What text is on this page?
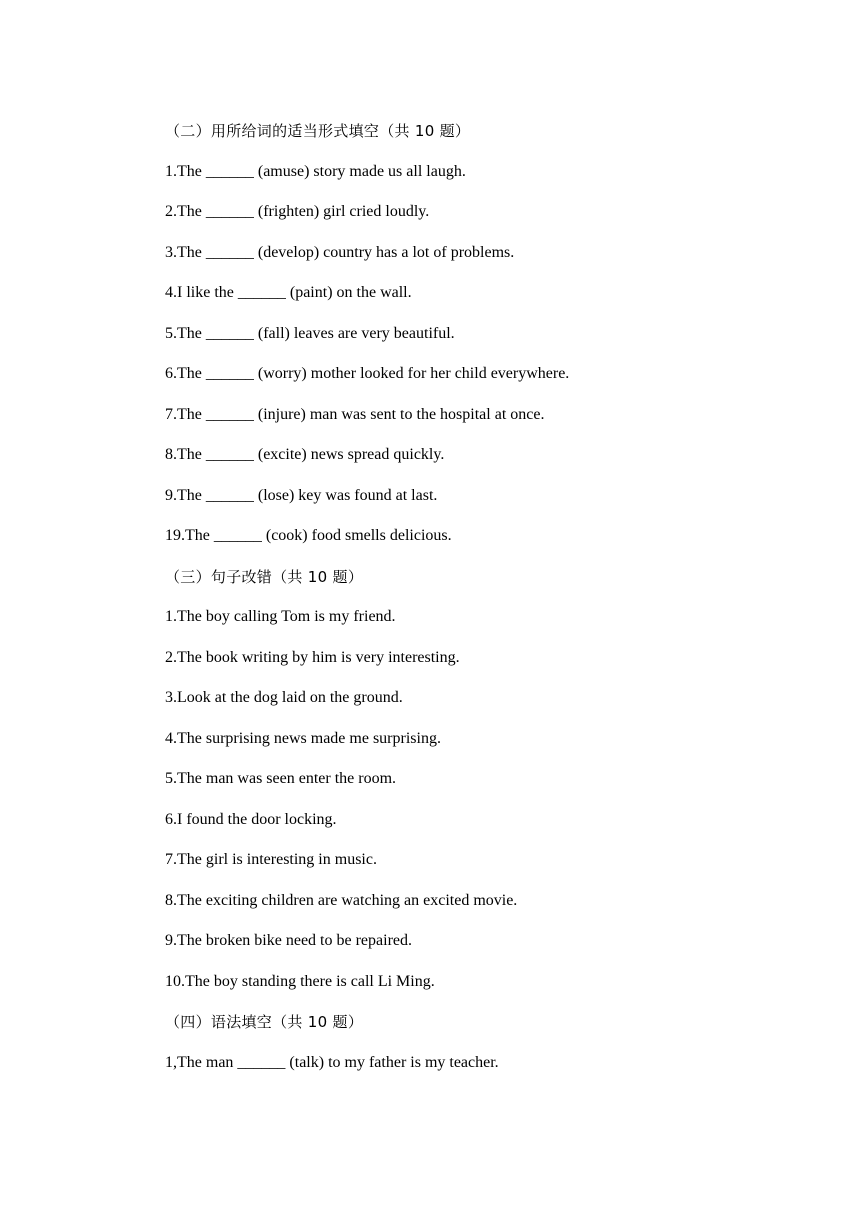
（二）用所给词的适当形式填空（共 10 题）
1.The ______ (amuse) story made us all laugh.
2.The ______ (frighten) girl cried loudly.
3.The ______ (develop) country has a lot of problems.
4.I like the ______ (paint) on the wall.
5.The ______ (fall) leaves are very beautiful.
6.The ______ (worry) mother looked for her child everywhere.
7.The ______ (injure) man was sent to the hospital at once.
8.The ______ (excite) news spread quickly.
9.The ______ (lose) key was found at last.
19.The ______ (cook) food smells delicious.
（三）句子改错（共 10 题）
1.The boy calling Tom is my friend.
2.The book writing by him is very interesting.
3.Look at the dog laid on the ground.
4.The surprising news made me surprising.
5.The man was seen enter the room.
6.I found the door locking.
7.The girl is interesting in music.
8.The exciting children are watching an excited movie.
9.The broken bike need to be repaired.
10.The boy standing there is call Li Ming.
（四）语法填空（共 10 题）
1,The man ______ (talk) to my father is my teacher.
